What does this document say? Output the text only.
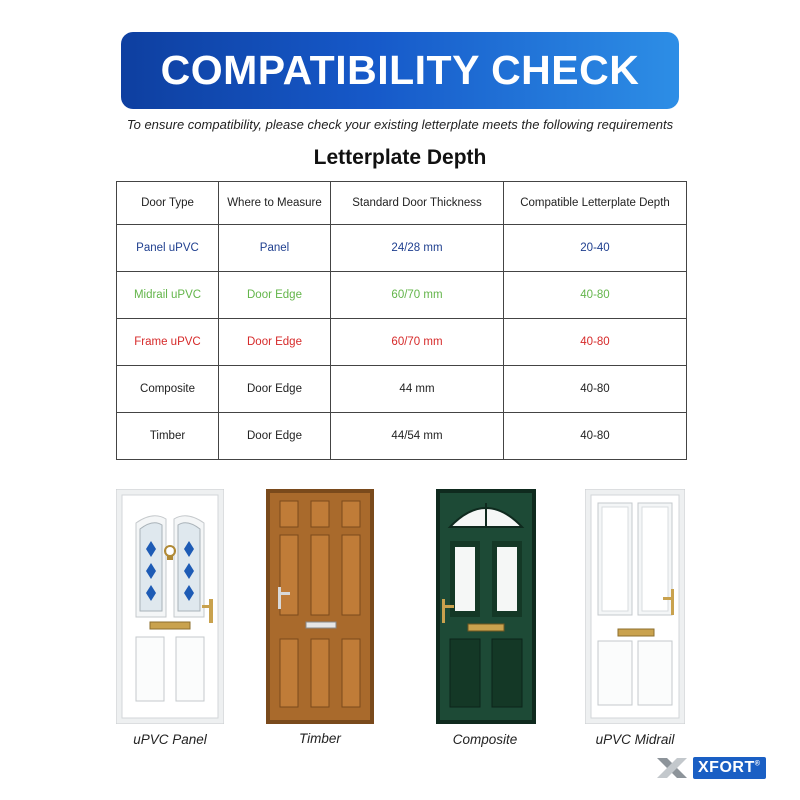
COMPATIBILITY CHECK
To ensure compatibility, please check your existing letterplate meets the following requirements
Letterplate Depth
Door Type	Where to Measure	Standard Door Thickness	Compatible Letterplate Depth
Panel uPVC	Panel	24/28 mm	20-40
Midrail uPVC	Door Edge	60/70 mm	40-80
Frame uPVC	Door Edge	60/70 mm	40-80
Composite	Door Edge	44 mm	40-80
Timber	Door Edge	44/54 mm	40-80
uPVC Panel	Timber	Composite	uPVC Midrail
XFORT®
